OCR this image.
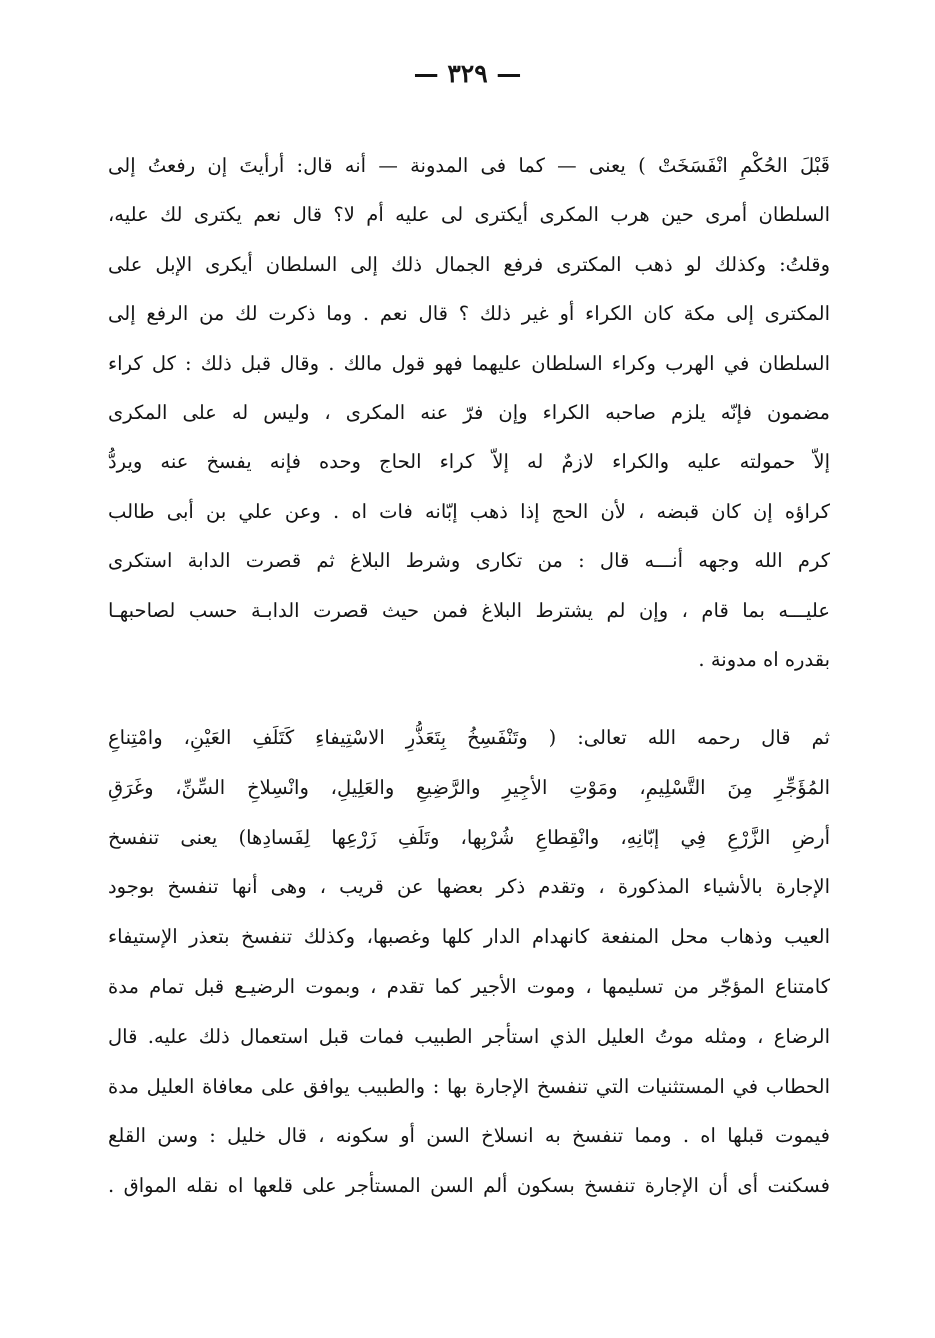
— ٣٢٩ —
قَبْلَ الحُكْمِ انْفَسَخَتْ ) يعنى — كما فى المدونة — أنه قال: أرأيتَ إن رفعتُ إلى
السلطان أمرى حين هرب المكرى أيكترى لى عليه أم لا؟ قال نعم يكترى لك عليه،
وقلتُ: وكذلك لو ذهب المكترى فرفع الجمال ذلك إلى السلطان أيكرى الإبل على
المكترى إلى مكة كان الكراء أو غير ذلك ؟ قال نعم . وما ذكرت لك من الرفع إلى
السلطان في الهرب وكراء السلطان عليهما فهو قول مالك . وقال قبل ذلك : كل كراء
مضمون فإنّه يلزم صاحبه الكراء وإن فرّ عنه المكرى ، وليس له على المكرى
إلاّ حمولته عليه والكراء لازمٌ له إلاّ كراء الحاج وحده فإنه يفسخ عنه ويردُّ
كراؤه إن كان قبضه ، لأن الحج إذا ذهب إبّانه فات اه . وعن علي بن أبى طالب
كرم الله وجهه أنـــه قال : من تكارى وشرط البلاغ ثم قصرت الدابة استكرى
عليـــه بما قام ، وإن لم يشترط البلاغ فمن حيث قصرت الدابـة حسب لصاحبهـا
بقدره اه مدونة .
ثم قال رحمه الله تعالى: ( وتَنْفَسِخُ بِتَعَذُّرِ الاسْتِيفاءِ كَتَلَفِ العَيْنِ، وامْتِناعِ
المُؤَجِّرِ مِنَ التَّسْلِيمِ، ومَوْتِ الأجِيرِ والرَّضِيعِ والعَلِيلِ، وانْسِلاخِ السِّنِّ، وغَرَقِ
أرضِ الزَّرْعِ فِي إبّانِهِ، وانْقِطاعِ شُرْبِها، وتَلَفِ زَرْعِها لِفَسادِها) يعنى تنفسخ
الإجارة بالأشياء المذكورة ، وتقدم ذكر بعضها عن قريب ، وهى أنها تنفسخ بوجود
العيب وذهاب محل المنفعة كانهدام الدار كلها وغصبها، وكذلك تنفسخ بتعذر الإستيفاء
كامتناع المؤجّر من تسليمها ، وموت الأجير كما تقدم ، وبموت الرضيـع قبل تمام مدة
الرضاع ، ومثله موتُ العليل الذي استأجر الطبيب فمات قبل استعمال ذلك عليه. قال
الحطاب في المستثنيات التي تنفسخ الإجارة بها : والطبيب يوافق على معافاة العليل مدة
فيموت قبلها اه . ومما تنفسخ به انسلاخ السن أو سكونه ، قال خليل : وسن القلع
فسكنت أى أن الإجارة تنفسخ بسكون ألم السن المستأجر على قلعها اه نقله المواق .
